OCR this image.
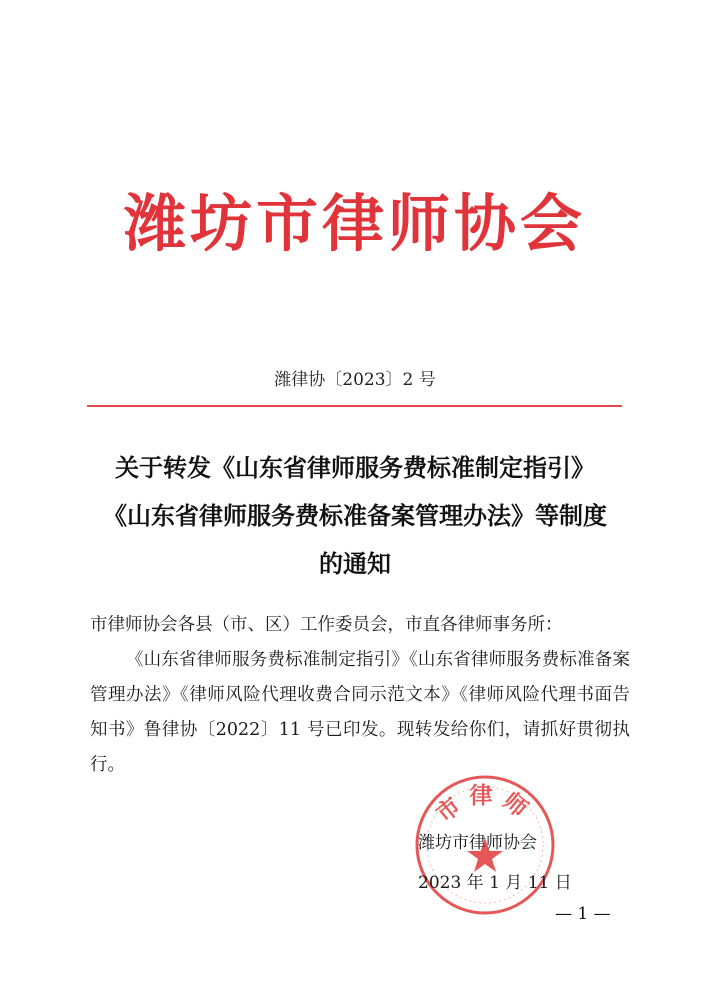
潍坊市律师协会
潍律协〔2023〕2 号
关于转发《山东省律师服务费标准制定指引》
《山东省律师服务费标准备案管理办法》等制度
的通知
市律师协会各县（市、区）工作委员会，市直各律师事务所：
《山东省律师服务费标准制定指引》《山东省律师服务费标准备案管理办法》《律师风险代理收费合同示范文本》《律师风险代理书面告知书》鲁律协〔2022〕11 号已印发。现转发给你们，请抓好贯彻执行。
市律师
潍坊市律师协会
2023 年 1 月 11 日
— 1 —
